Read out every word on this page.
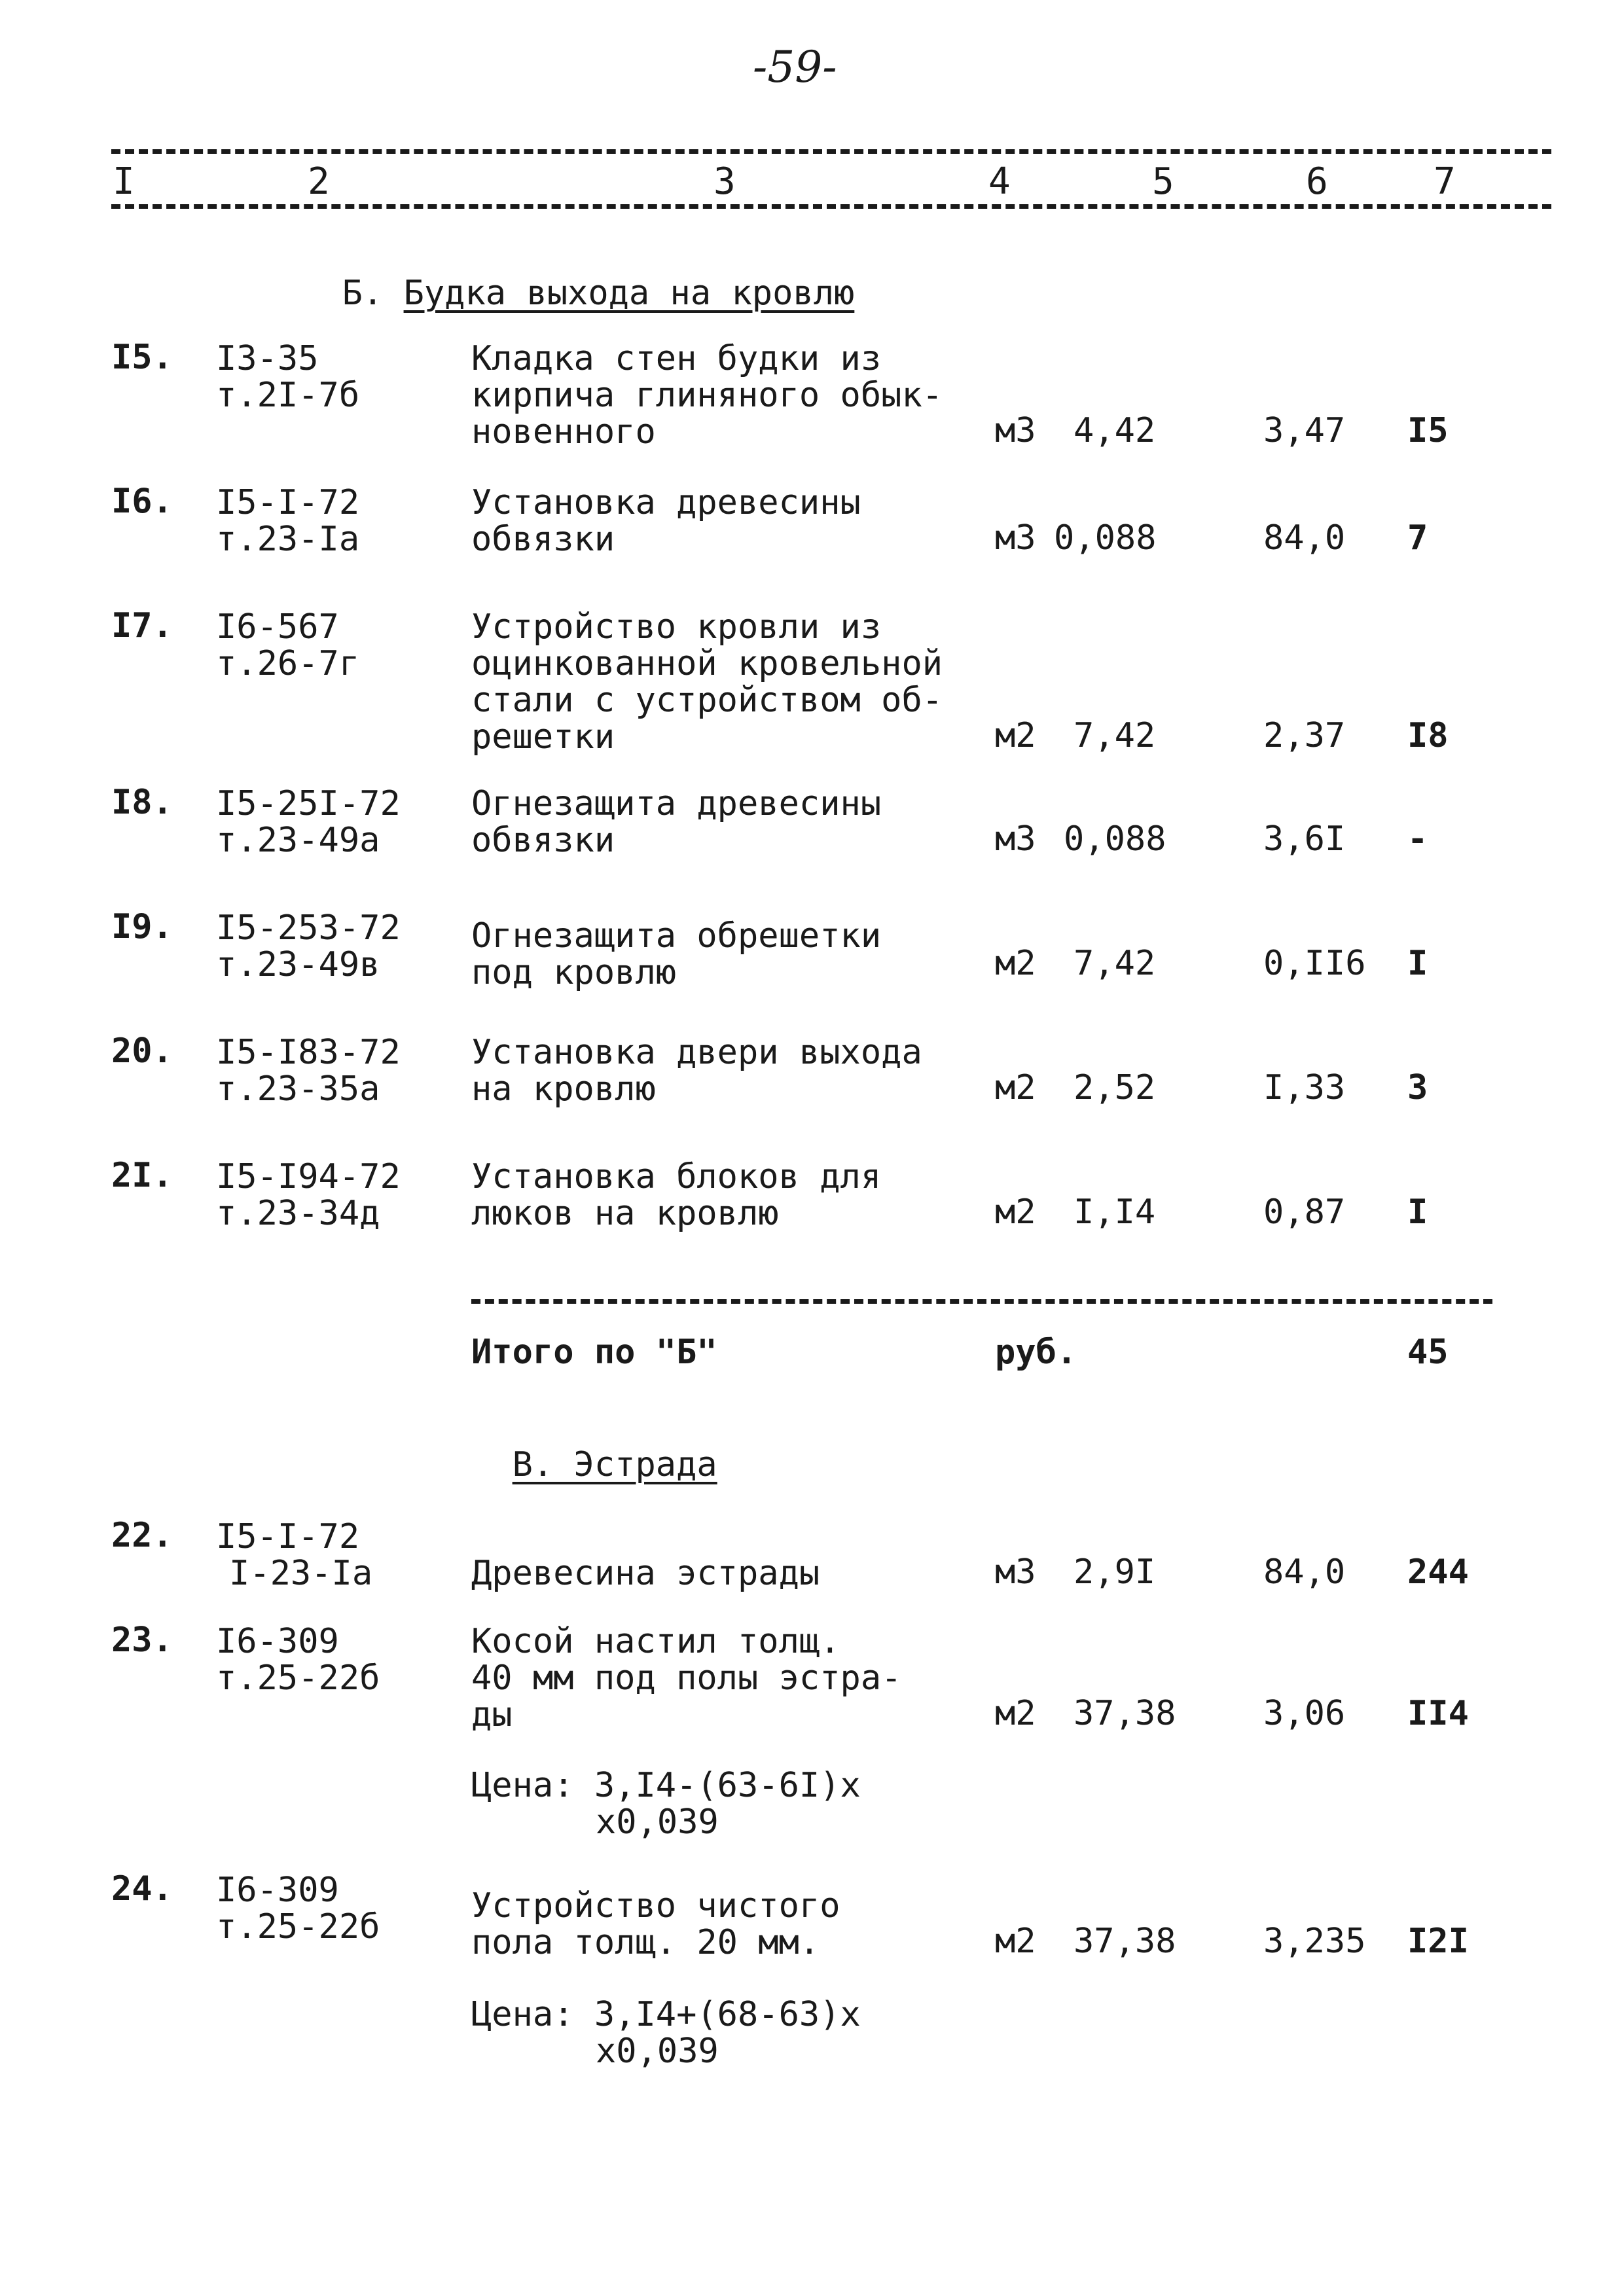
-59-
I	2	3	4	5	6	7

Б. Будка выхода на кровлю

I5. I3-35
т.2I-7б
Кладка стен будки из
кирпича глиняного обык-
новенного	м3 4,42	3,47 I5
I6. I5-I-72
т.23-Iа
Установка древесины
обвязки	м3 0,088	84,0 7
I7. I6-567
т.26-7г
Устройство кровли из
оцинкованной кровельной
стали с устройством об-
решетки	м2 7,42	2,37 I8
I8. I5-25I-72
т.23-49а
Огнезащита древесины
обвязки	м3 0,088	3,6I -
I9. I5-253-72
т.23-49в
Огнезащита обрешетки
под кровлю	м2 7,42	0,II6 I
20. I5-I83-72
т.23-35а
Установка двери выхода
на кровлю	м2 2,52	I,33 3
2I. I5-I94-72
т.23-34д
Установка блоков для
люков на кровлю	м2 I,I4	0,87 I
Итого по "Б"	руб.	45

В. Эстрада

22. I5-I-72
I-23-Iа	Древесина эстрады	м3 2,9I	84,0 244
23. I6-309
т.25-22б
Косой настил толщ.
40 мм под полы эстра-
ды	м2 37,38	3,06 II4
Цена: 3,I4-(63-6I)х
х0,039
24. I6-309
т.25-22б
Устройство чистого
пола толщ. 20 мм.	м2 37,38	3,235 I2I
Цена: 3,I4+(68-63)х
х0,039
